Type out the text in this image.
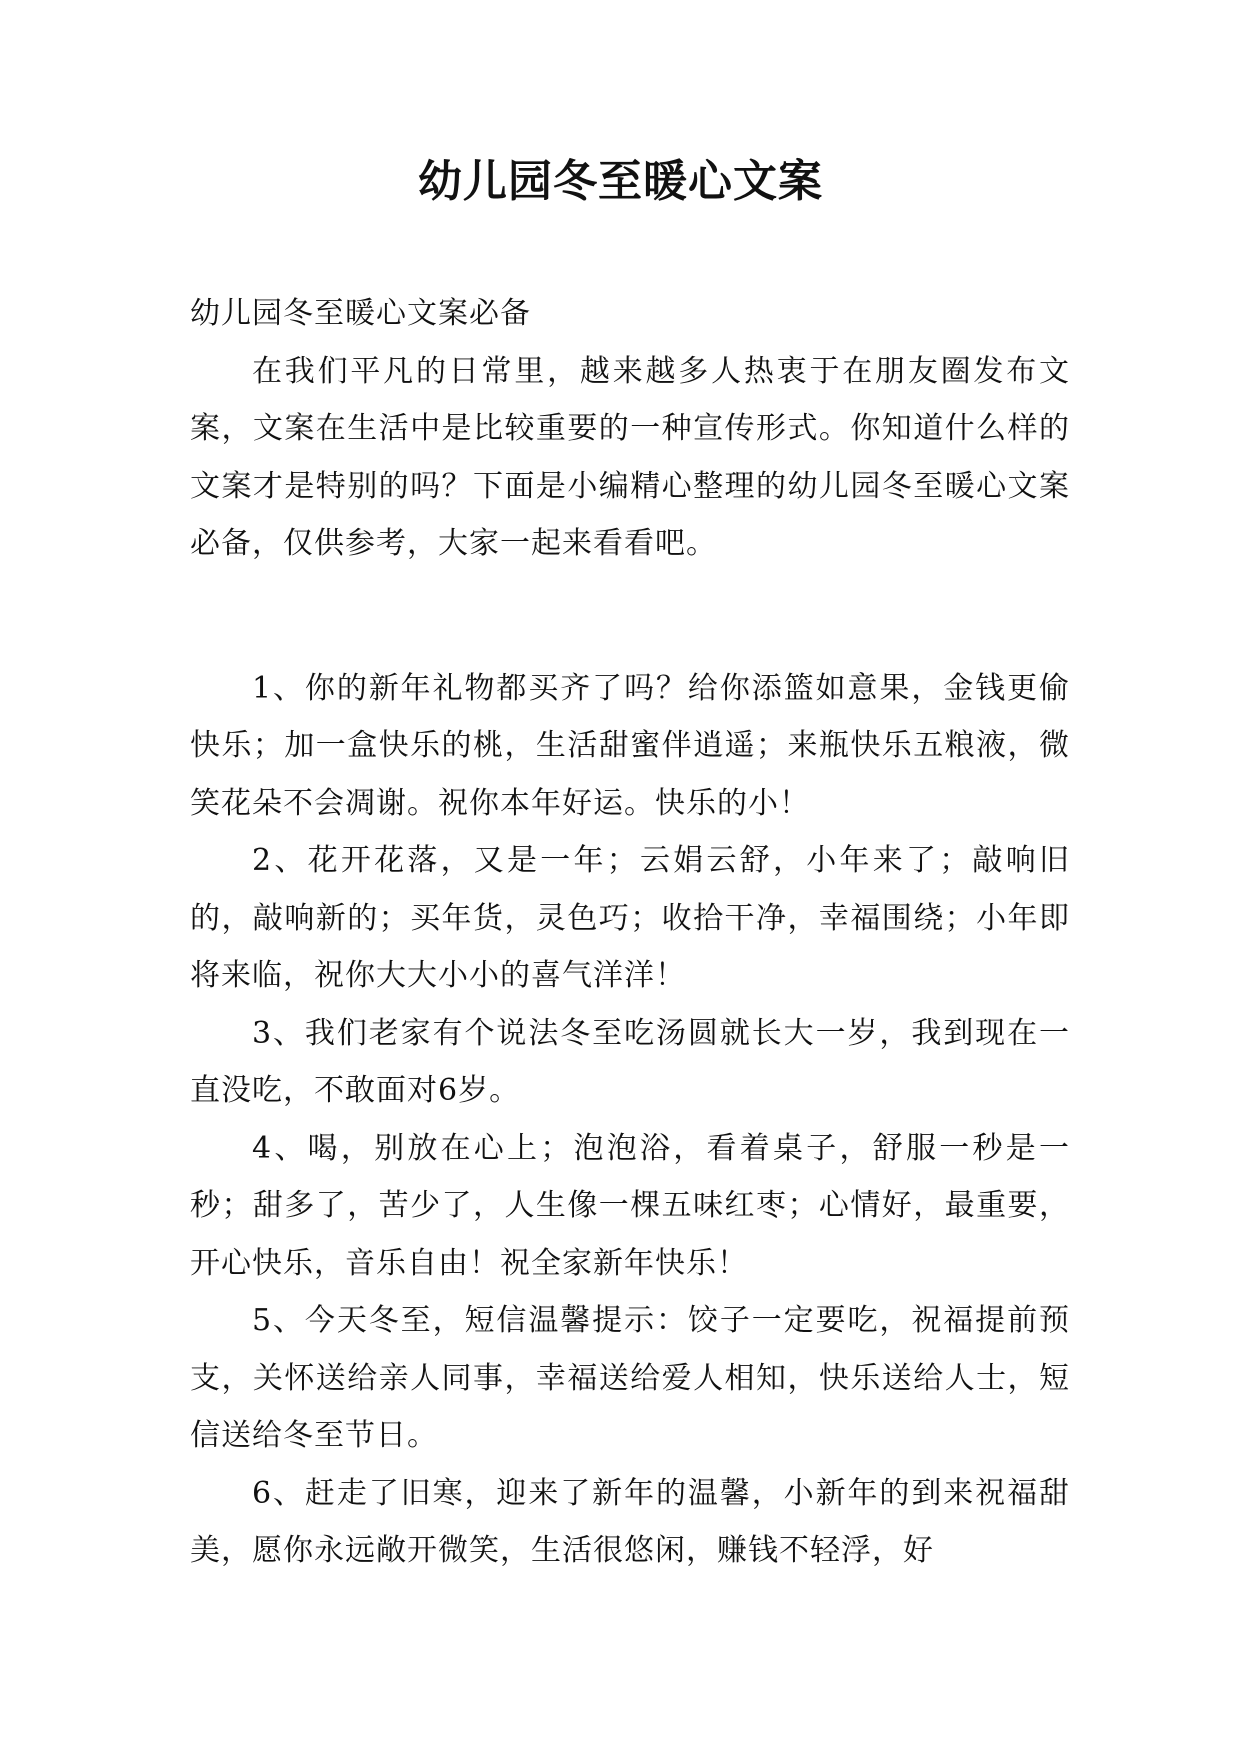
幼儿园冬至暖心文案

幼儿园冬至暖心文案必备

在我们平凡的日常里，越来越多人热衷于在朋友圈发布文案，文案在生活中是比较重要的一种宣传形式。你知道什么样的文案才是特别的吗？下面是小编精心整理的幼儿园冬至暖心文案必备，仅供参考，大家一起来看看吧。

1、你的新年礼物都买齐了吗？给你添篮如意果，金钱更偷快乐；加一盒快乐的桃，生活甜蜜伴逍遥；来瓶快乐五粮液，微笑花朵不会凋谢。祝你本年好运。快乐的小！

2、花开花落，又是一年；云娟云舒，小年来了；敲响旧的，敲响新的；买年货，灵色巧；收拾干净，幸福围绕；小年即将来临，祝你大大小小的喜气洋洋！

3、我们老家有个说法冬至吃汤圆就长大一岁，我到现在一直没吃，不敢面对6岁。

4、喝，别放在心上；泡泡浴，看着桌子，舒服一秒是一秒；甜多了，苦少了，人生像一棵五味红枣；心情好，最重要，开心快乐，音乐自由！祝全家新年快乐！

5、今天冬至，短信温馨提示：饺子一定要吃，祝福提前预支，关怀送给亲人同事，幸福送给爱人相知，快乐送给人士，短信送给冬至节日。

6、赶走了旧寒，迎来了新年的温馨，小新年的到来祝福甜美，愿你永远敞开微笑，生活很悠闲，赚钱不轻浮，好
